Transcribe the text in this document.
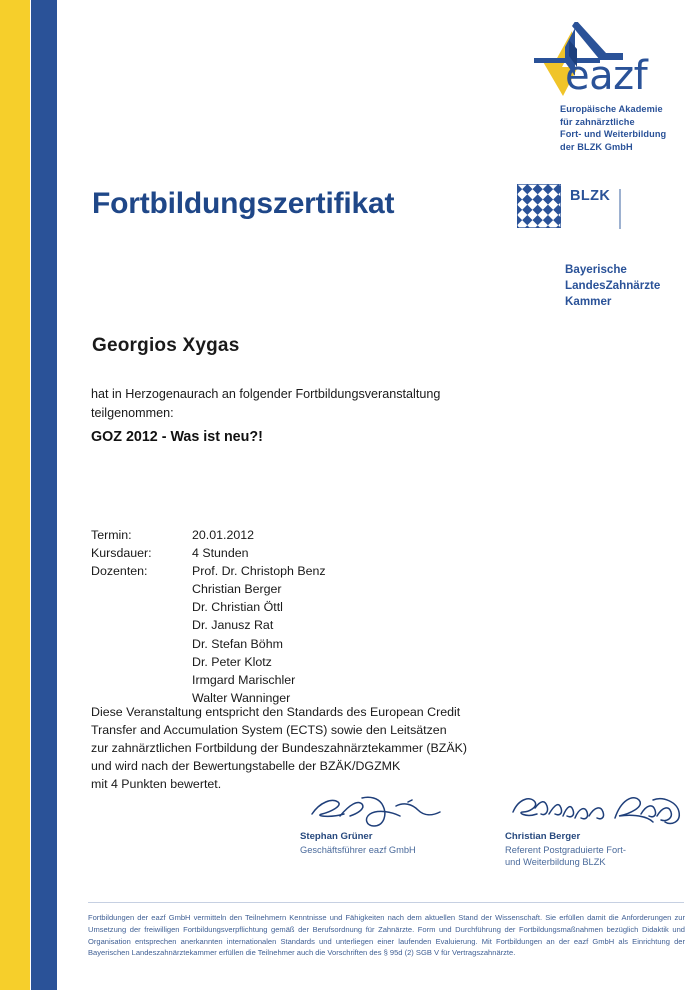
eazf
Europäische Akademie
für zahnärztliche
Fort- und Weiterbildung
der BLZK GmbH
Fortbildungszertifikat	BLZK
Bayerische
LandesZahnärzte
Kammer
Georgios Xygas
hat in Herzogenaurach an folgender Fortbildungsveranstaltung teilgenommen:
GOZ 2012 - Was ist neu?!
Termin:	20.01.2012
Kursdauer:	4 Stunden
Dozenten:	Prof. Dr. Christoph Benz
Christian Berger
Dr. Christian Öttl
Dr. Janusz Rat
Dr. Stefan Böhm
Dr. Peter Klotz
Irmgard Marischler
Walter Wanninger
Diese Veranstaltung entspricht den Standards des European Credit
Transfer and Accumulation System (ECTS) sowie den Leitsätzen
zur zahnärztlichen Fortbildung der Bundeszahnärztekammer (BZÄK)
und wird nach der Bewertungstabelle der BZÄK/DGZMK
mit 4 Punkten bewertet.
Stephan Grüner
Geschäftsführer eazf GmbH
Christian Berger
Referent Postgraduierte Fort-
und Weiterbildung BLZK
Fortbildungen der eazf GmbH vermitteln den Teilnehmern Kenntnisse und Fähigkeiten nach dem aktuellen Stand der Wissenschaft. Sie erfüllen damit die Anforderungen zur Umsetzung der freiwilligen Fortbildungsverpflichtung gemäß der Berufsordnung für Zahnärzte. Form und Durchführung der Fortbildungsmaßnahmen bezüglich Didaktik und Organisation entsprechen anerkannten internationalen Standards und unterliegen einer laufenden Evaluierung. Mit Fortbildungen an der eazf GmbH als Einrichtung der Bayerischen Landeszahnärztekammer erfüllen die Teilnehmer auch die Vorschriften des § 95d (2) SGB V für Vertragszahnärzte.
